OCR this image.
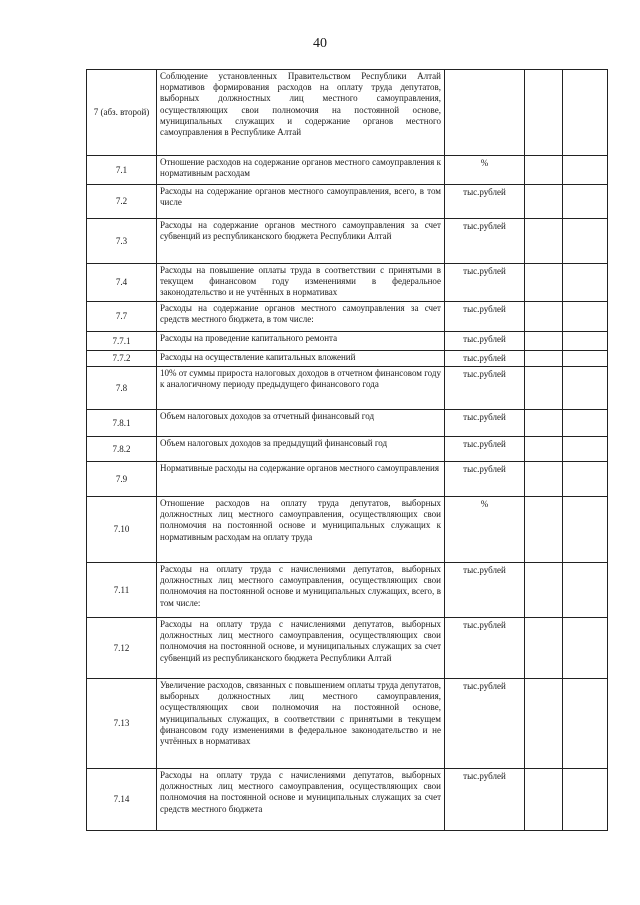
40
7 (абз. второй)	Соблюдение установленных Правительством Республики Алтай нормативов формирования расходов на оплату труда депутатов, выборных должностных лиц местного самоуправления, осуществляющих свои полномочия на постоянной основе, муниципальных служащих и содержание органов местного самоуправления в Республике Алтай			
7.1	Отношение расходов на содержание органов местного самоуправления к нормативным расходам	%		
7.2	Расходы на содержание органов местного самоуправления, всего, в том числе	тыс.рублей		
7.3	Расходы на содержание органов местного самоуправления за счет субвенций из республиканского бюджета Республики Алтай	тыс.рублей		
7.4	Расходы на повышение оплаты труда в соответствии с принятыми в текущем финансовом году изменениями в федеральное законодательство и не учтённых в нормативах	тыс.рублей		
7.7	Расходы на содержание органов местного самоуправления за счет средств местного бюджета, в том числе:	тыс.рублей		
7.7.1	Расходы на проведение капитального ремонта	тыс.рублей		
7.7.2	Расходы на осуществление капитальных вложений	тыс.рублей		
7.8	10% от суммы прироста налоговых доходов в отчетном финансовом году к аналогичному периоду предыдущего финансового года	тыс.рублей		
7.8.1	Объем налоговых доходов за отчетный финансовый год	тыс.рублей		
7.8.2	Объем налоговых доходов за предыдущий финансовый год	тыс.рублей		
7.9	Нормативные расходы на содержание органов местного самоуправления	тыс.рублей		
7.10	Отношение расходов на оплату труда депутатов, выборных должностных лиц местного самоуправления, осуществляющих свои полномочия на постоянной основе и муниципальных служащих к нормативным расходам на оплату труда	%		
7.11	Расходы на оплату труда с начислениями депутатов, выборных должностных лиц местного самоуправления, осуществляющих свои полномочия на постоянной основе и муниципальных служащих, всего, в том числе:	тыс.рублей		
7.12	Расходы на оплату труда с начислениями депутатов, выборных должностных лиц местного самоуправления, осуществляющих свои полномочия на постоянной основе, и муниципальных служащих за счет субвенций из республиканского бюджета Республики Алтай	тыс.рублей		
7.13	Увеличение расходов, связанных с повышением оплаты труда депутатов, выборных должностных лиц местного самоуправления, осуществляющих свои полномочия на постоянной основе, муниципальных служащих, в соответствии с принятыми в текущем финансовом году изменениями в федеральное законодательство и не учтённых в нормативах	тыс.рублей		
7.14	Расходы на оплату труда с начислениями депутатов, выборных должностных лиц местного самоуправления, осуществляющих свои полномочия на постоянной основе и муниципальных служащих за счет средств местного бюджета	тыс.рублей		
